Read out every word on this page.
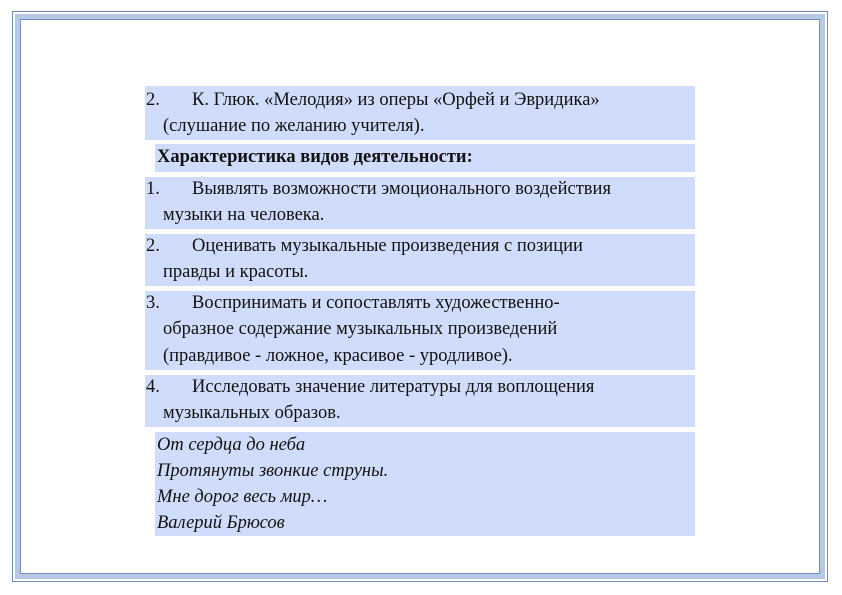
2. К. Глюк. «Мелодия» из оперы «Орфей и Эвридика»
(слушание по желанию учителя).
Характеристика видов деятельности:
1. Выявлять возможности эмоционального воздействия
музыки на человека.
2. Оценивать музыкальные произведения с позиции
правды и красоты.
3. Воспринимать и сопоставлять художественно-
образное содержание музыкальных произведений
(правдивое - ложное, красивое - уродливое).
4. Исследовать значение литературы для воплощения
музыкальных образов.
От сердца до неба
Протянуты звонкие струны.
Мне дорог весь мир…
Валерий Брюсов
